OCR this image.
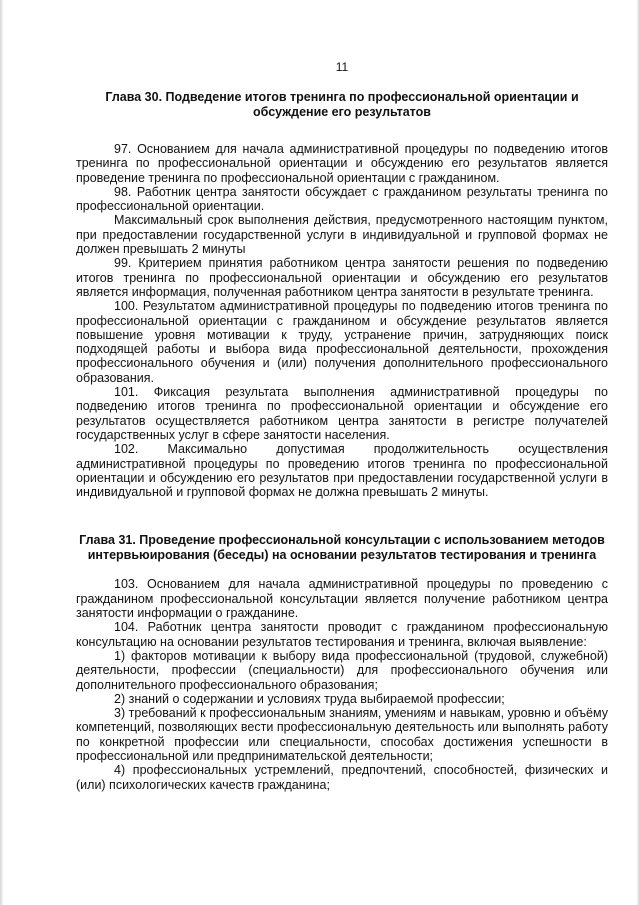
11
Глава 30. Подведение итогов тренинга по профессиональной ориентации и обсуждение его результатов

97. Основанием для начала административной процедуры по подведению итогов тренинга по профессиональной ориентации и обсуждению его результатов является проведение тренинга по профессиональной ориентации с гражданином.

98. Работник центра занятости обсуждает с гражданином результаты тренинга по профессиональной ориентации.

Максимальный срок выполнения действия, предусмотренного настоящим пунктом, при предоставлении государственной услуги в индивидуальной и групповой формах не должен превышать 2 минуты

99. Критерием принятия работником центра занятости решения по подведению итогов тренинга по профессиональной ориентации и обсуждению его результатов является информация, полученная работником центра занятости в результате тренинга.

100. Результатом административной процедуры по подведению итогов тренинга по профессиональной ориентации с гражданином и обсуждение результатов является повышение уровня мотивации к труду, устранение причин, затрудняющих поиск подходящей работы и выбора вида профессиональной деятельности, прохождения профессионального обучения и (или) получения дополнительного профессионального образования.

101. Фиксация результата выполнения административной процедуры по подведению итогов тренинга по профессиональной ориентации и обсуждение его результатов осуществляется работником центра занятости в регистре получателей государственных услуг в сфере занятости населения.

102. Максимально допустимая продолжительность осуществления административной процедуры по проведению итогов тренинга по профессиональной ориентации и обсуждению его результатов при предоставлении государственной услуги в индивидуальной и групповой формах не должна превышать 2 минуты.

Глава 31. Проведение профессиональной консультации с использованием методов интервьюирования (беседы) на основании результатов тестирования и тренинга

103. Основанием для начала административной процедуры по проведению с гражданином профессиональной консультации является получение работником центра занятости информации о гражданине.

104. Работник центра занятости проводит с гражданином профессиональную консультацию на основании результатов тестирования и тренинга, включая выявление:

1) факторов мотивации к выбору вида профессиональной (трудовой, служебной) деятельности, профессии (специальности) для профессионального обучения или дополнительного профессионального образования;

2) знаний о содержании и условиях труда выбираемой профессии;

3) требований к профессиональным знаниям, умениям и навыкам, уровню и объёму компетенций, позволяющих вести профессиональную деятельность или выполнять работу по конкретной профессии или специальности, способах достижения успешности в профессиональной или предпринимательской деятельности;

4) профессиональных устремлений, предпочтений, способностей, физических и (или) психологических качеств гражданина;
